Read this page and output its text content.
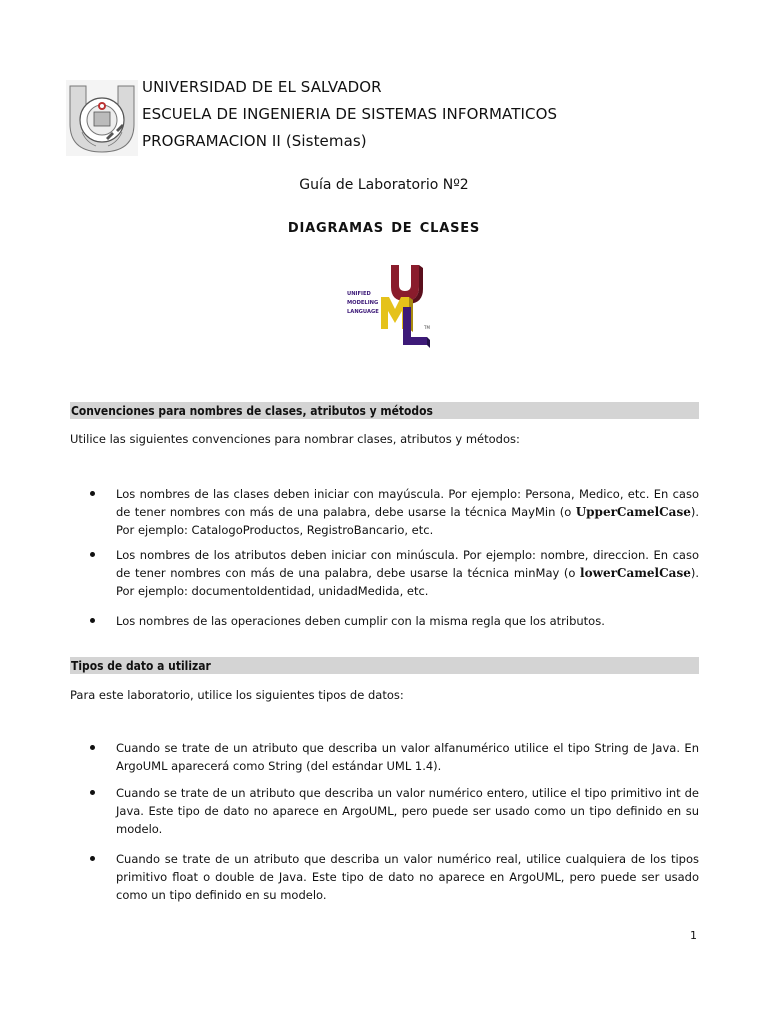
UNIVERSIDAD DE EL SALVADOR
ESCUELA DE INGENIERIA DE SISTEMAS INFORMATICOS
PROGRAMACION II (Sistemas)
Guía de Laboratorio Nº2
DIAGRAMAS DE CLASES
UNIFIED
MODELING
LANGUAGE
TM
Convenciones para nombres de clases, atributos y métodos
Utilice las siguientes convenciones para nombrar clases, atributos y métodos:
Los nombres de las clases deben iniciar con mayúscula. Por ejemplo: Persona, Medico, etc. En caso de tener nombres con más de una palabra, debe usarse la técnica MayMin (o UpperCamelCase). Por ejemplo: CatalogoProductos, RegistroBancario, etc.
Los nombres de los atributos deben iniciar con minúscula. Por ejemplo: nombre, direccion. En caso de tener nombres con más de una palabra, debe usarse la técnica minMay (o lowerCamelCase). Por ejemplo: documentoIdentidad, unidadMedida, etc.
Los nombres de las operaciones deben cumplir con la misma regla que los atributos.
Tipos de dato a utilizar
Para este laboratorio, utilice los siguientes tipos de datos:
Cuando se trate de un atributo que describa un valor alfanumérico utilice el tipo String de Java. En ArgoUML aparecerá como String (del estándar UML 1.4).
Cuando se trate de un atributo que describa un valor numérico entero, utilice el tipo primitivo int de Java. Este tipo de dato no aparece en ArgoUML, pero puede ser usado como un tipo definido en su modelo.
Cuando se trate de un atributo que describa un valor numérico real, utilice cualquiera de los tipos primitivo float o double de Java. Este tipo de dato no aparece en ArgoUML, pero puede ser usado como un tipo definido en su modelo.
1
